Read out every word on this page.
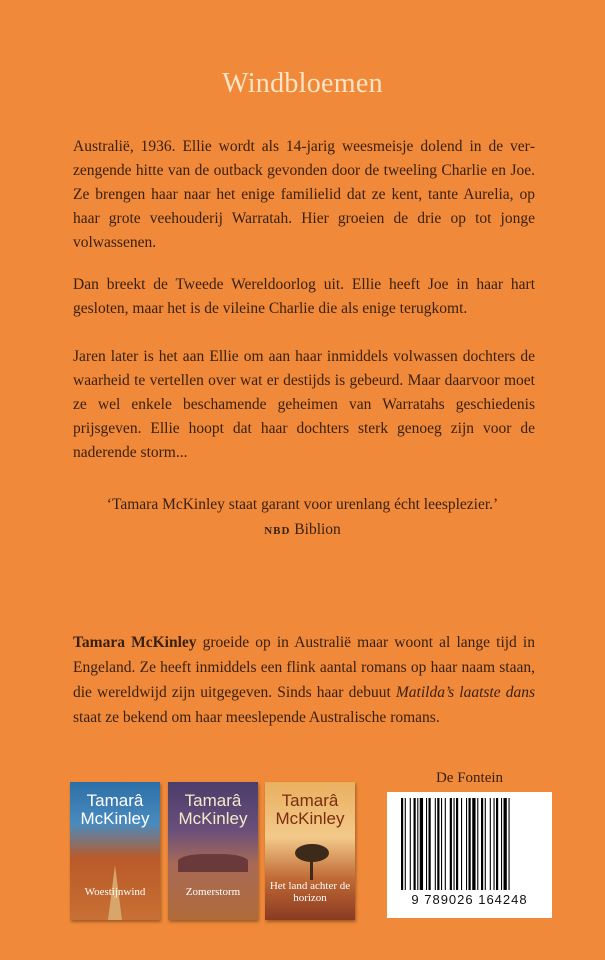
Windbloemen
Australië, 1936. Ellie wordt als 14-jarig weesmeisje dolend in de verzengende hitte van de outback gevonden door de tweeling Charlie en Joe. Ze brengen haar naar het enige familielid dat ze kent, tante Aurelia, op haar grote veehouderij Warratah. Hier groeien de drie op tot jonge volwassenen.
Dan breekt de Tweede Wereldoorlog uit. Ellie heeft Joe in haar hart gesloten, maar het is de vileine Charlie die als enige terugkomt.
Jaren later is het aan Ellie om aan haar inmiddels volwassen dochters de waarheid te vertellen over wat er destijds is gebeurd. Maar daarvoor moet ze wel enkele beschamende geheimen van Warratahs geschiedenis prijsgeven. Ellie hoopt dat haar dochters sterk genoeg zijn voor de naderende storm...
‘Tamara McKinley staat garant voor urenlang écht leesplezier.’
NBD Biblion
Tamara McKinley groeide op in Australië maar woont al lange tijd in Engeland. Ze heeft inmiddels een flink aantal romans op haar naam staan, die wereldwijd zijn uitgegeven. Sinds haar debuut Matilda’s laatste dans staat ze bekend om haar meeslepende Australische romans.
Tamarâ
McKinley
Woestijnwind
Tamarâ
McKinley
Zomerstorm
Tamarâ
McKinley
Het land achter de horizon
De Fontein
9 789026 164248
